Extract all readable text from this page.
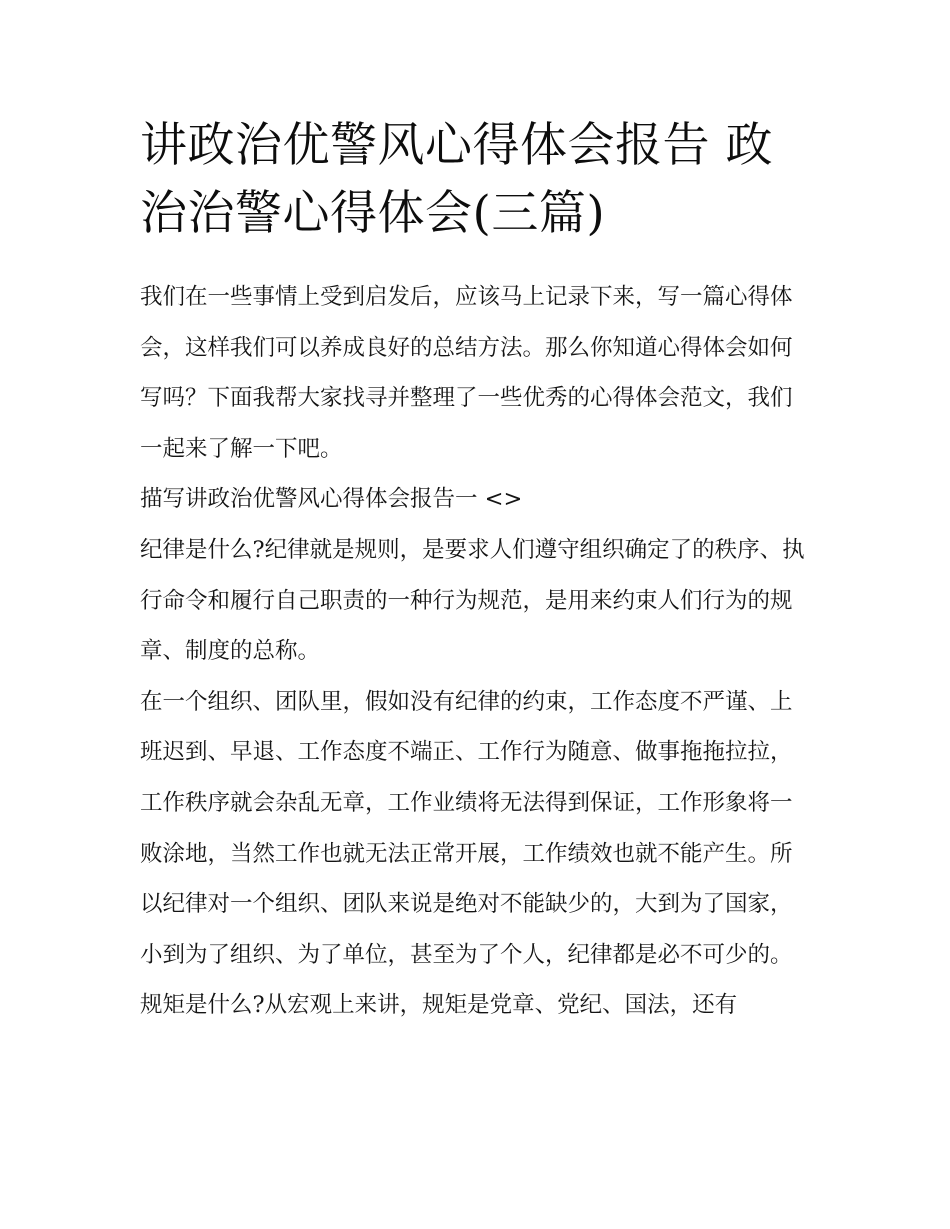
讲政治优警风心得体会报告 政治治警心得体会(三篇)

我们在一些事情上受到启发后，应该马上记录下来，写一篇心得体会，这样我们可以养成良好的总结方法。那么你知道心得体会如何写吗？下面我帮大家找寻并整理了一些优秀的心得体会范文，我们一起来了解一下吧。

描写讲政治优警风心得体会报告一 <>

纪律是什么?纪律就是规则，是要求人们遵守组织确定了的秩序、执行命令和履行自己职责的一种行为规范，是用来约束人们行为的规章、制度的总称。

在一个组织、团队里，假如没有纪律的约束，工作态度不严谨、上班迟到、早退、工作态度不端正、工作行为随意、做事拖拖拉拉，工作秩序就会杂乱无章，工作业绩将无法得到保证，工作形象将一败涂地，当然工作也就无法正常开展，工作绩效也就不能产生。所以纪律对一个组织、团队来说是绝对不能缺少的，大到为了国家，小到为了组织、为了单位，甚至为了个人，纪律都是必不可少的。

规矩是什么?从宏观上来讲，规矩是党章、党纪、国法，还有
